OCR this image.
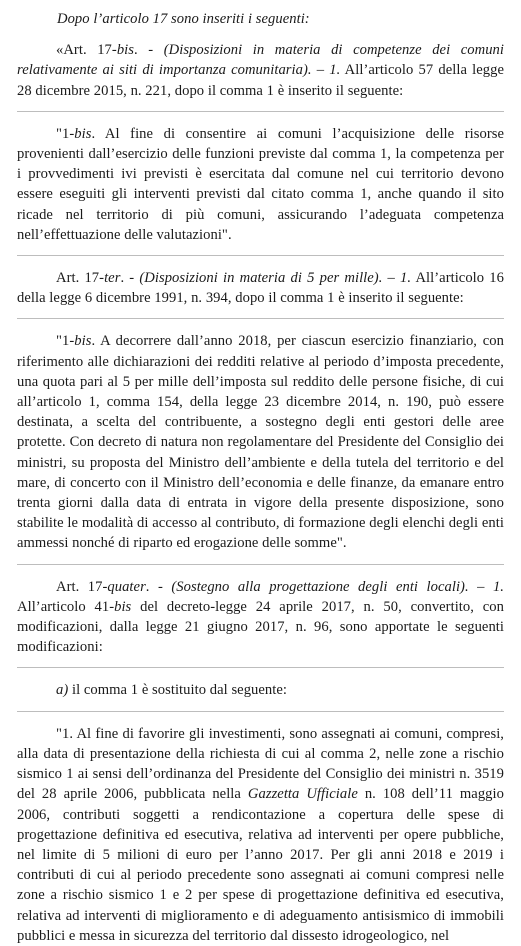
Dopo l’articolo 17 sono inseriti i seguenti:

«Art. 17-bis. - (Disposizioni in materia di competenze dei comuni relativamente ai siti di importanza comunitaria). – 1. All’articolo 57 della legge 28 dicembre 2015, n. 221, dopo il comma 1 è inserito il seguente:

"1-bis. Al fine di consentire ai comuni l’acquisizione delle risorse provenienti dall’esercizio delle funzioni previste dal comma 1, la competenza per i provvedimenti ivi previsti è esercitata dal comune nel cui territorio devono essere eseguiti gli interventi previsti dal citato comma 1, anche quando il sito ricade nel territorio di più comuni, assicurando l’adeguata competenza nell’effettuazione delle valutazioni".

Art. 17-ter. - (Disposizioni in materia di 5 per mille). – 1. All’articolo 16 della legge 6 dicembre 1991, n. 394, dopo il comma 1 è inserito il seguente:

"1-bis. A decorrere dall’anno 2018, per ciascun esercizio finanziario, con riferimento alle dichiarazioni dei redditi relative al periodo d’imposta precedente, una quota pari al 5 per mille dell’imposta sul reddito delle persone fisiche, di cui all’articolo 1, comma 154, della legge 23 dicembre 2014, n. 190, può essere destinata, a scelta del contribuente, a sostegno degli enti gestori delle aree protette. Con decreto di natura non regolamentare del Presidente del Consiglio dei ministri, su proposta del Ministro dell’ambiente e della tutela del territorio e del mare, di concerto con il Ministro dell’economia e delle finanze, da emanare entro trenta giorni dalla data di entrata in vigore della presente disposizione, sono stabilite le modalità di accesso al contributo, di formazione degli elenchi degli enti ammessi nonché di riparto ed erogazione delle somme".

Art. 17-quater. - (Sostegno alla progettazione degli enti locali). – 1. All’articolo 41-bis del decreto-legge 24 aprile 2017, n. 50, convertito, con modificazioni, dalla legge 21 giugno 2017, n. 96, sono apportate le seguenti modificazioni:

a) il comma 1 è sostituito dal seguente:

"1. Al fine di favorire gli investimenti, sono assegnati ai comuni, compresi, alla data di presentazione della richiesta di cui al comma 2, nelle zone a rischio sismico 1 ai sensi dell’ordinanza del Presidente del Consiglio dei ministri n. 3519 del 28 aprile 2006, pubblicata nella Gazzetta Ufficiale n. 108 dell’11 maggio 2006, contributi soggetti a rendicontazione a copertura delle spese di progettazione definitiva ed esecutiva, relativa ad interventi per opere pubbliche, nel limite di 5 milioni di euro per l’anno 2017. Per gli anni 2018 e 2019 i contributi di cui al periodo precedente sono assegnati ai comuni compresi nelle zone a rischio sismico 1 e 2 per spese di progettazione definitiva ed esecutiva, relativa ad interventi di miglioramento e di adeguamento antisismico di immobili pubblici e messa in sicurezza del territorio dal dissesto idrogeologico, nel
